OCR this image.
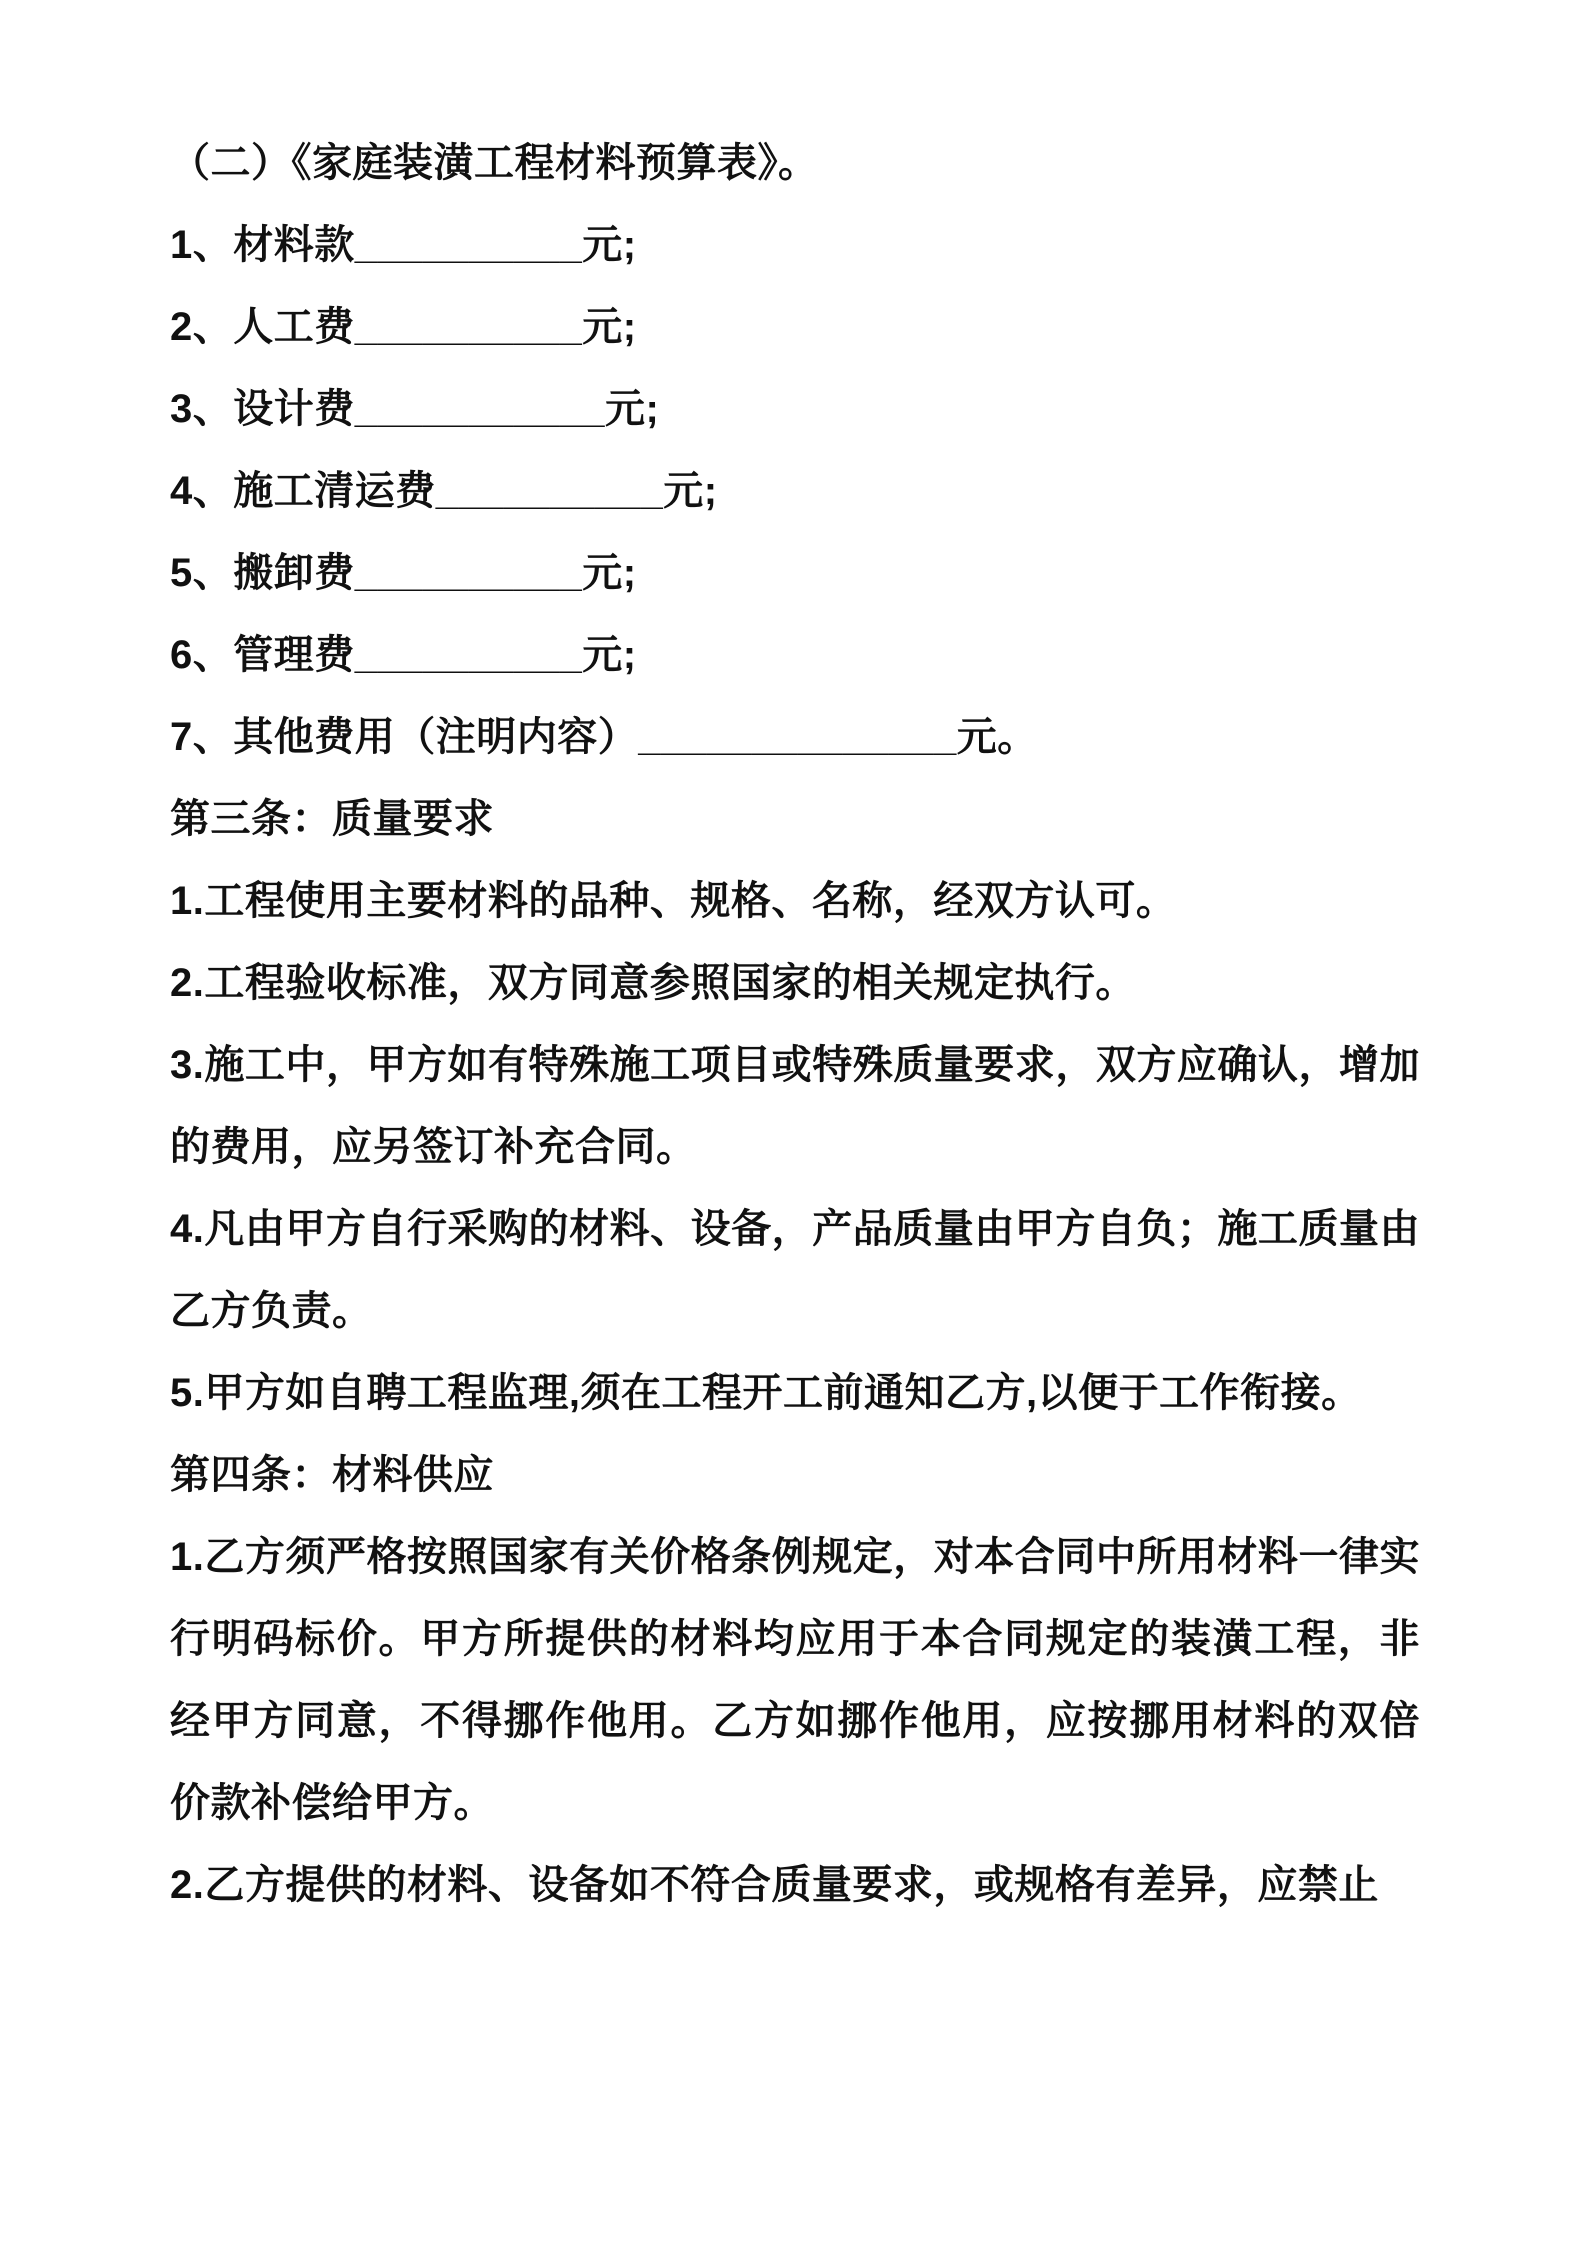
（二）《家庭装潢工程材料预算表》。

1、材料款__________元;

2、人工费__________元;

3、设计费___________元;

4、施工清运费__________元;

5、搬卸费__________元;

6、管理费__________元;

7、其他费用（注明内容）______________元。

第三条：质量要求

1.工程使用主要材料的品种、规格、名称，经双方认可。

2.工程验收标准，双方同意参照国家的相关规定执行。

3.施工中，甲方如有特殊施工项目或特殊质量要求，双方应确认，增加的费用，应另签订补充合同。

4.凡由甲方自行采购的材料、设备，产品质量由甲方自负；施工质量由乙方负责。

5.甲方如自聘工程监理,须在工程开工前通知乙方,以便于工作衔接。

第四条：材料供应

1.乙方须严格按照国家有关价格条例规定，对本合同中所用材料一律实行明码标价。甲方所提供的材料均应用于本合同规定的装潢工程，非经甲方同意，不得挪作他用。乙方如挪作他用，应按挪用材料的双倍价款补偿给甲方。

2.乙方提供的材料、设备如不符合质量要求，或规格有差异，应禁止
